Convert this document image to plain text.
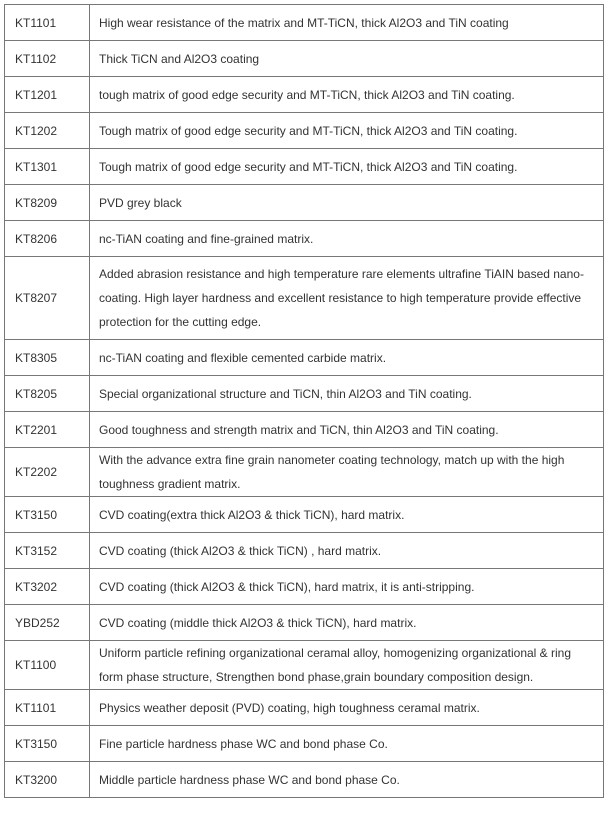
KT1101	High wear resistance of the matrix and MT-TiCN, thick Al2O3 and TiN coating
KT1102	Thick TiCN and Al2O3 coating
KT1201	tough matrix of good edge security and MT-TiCN, thick Al2O3 and TiN coating.
KT1202	Tough matrix of good edge security and MT-TiCN, thick Al2O3 and TiN coating.
KT1301	Tough matrix of good edge security and MT-TiCN, thick Al2O3 and TiN coating.
KT8209	PVD grey black
KT8206	nc-TiAN coating and fine-grained matrix.
KT8207	Added abrasion resistance and high temperature rare elements ultrafine TiAIN based nano-coating. High layer hardness and excellent resistance to high temperature provide effective protection for the cutting edge.
KT8305	nc-TiAN coating and flexible cemented carbide matrix.
KT8205	Special organizational structure and TiCN, thin Al2O3 and TiN coating.
KT2201	Good toughness and strength matrix and TiCN, thin Al2O3 and TiN coating.
KT2202	With the advance extra fine grain nanometer coating technology, match up with the high toughness gradient matrix.
KT3150	CVD coating(extra thick Al2O3 & thick TiCN), hard matrix.
KT3152	CVD coating (thick Al2O3 & thick TiCN) , hard matrix.
KT3202	CVD coating (thick Al2O3 & thick TiCN), hard matrix, it is anti-stripping.
YBD252	CVD coating (middle thick Al2O3 & thick TiCN), hard matrix.
KT1100	Uniform particle refining organizational ceramal alloy, homogenizing organizational & ring form phase structure, Strengthen bond phase,grain boundary composition design.
KT1101	Physics weather deposit (PVD) coating, high toughness ceramal matrix.
KT3150	Fine particle hardness phase WC and bond phase Co.
KT3200	Middle particle hardness phase WC and bond phase Co.
